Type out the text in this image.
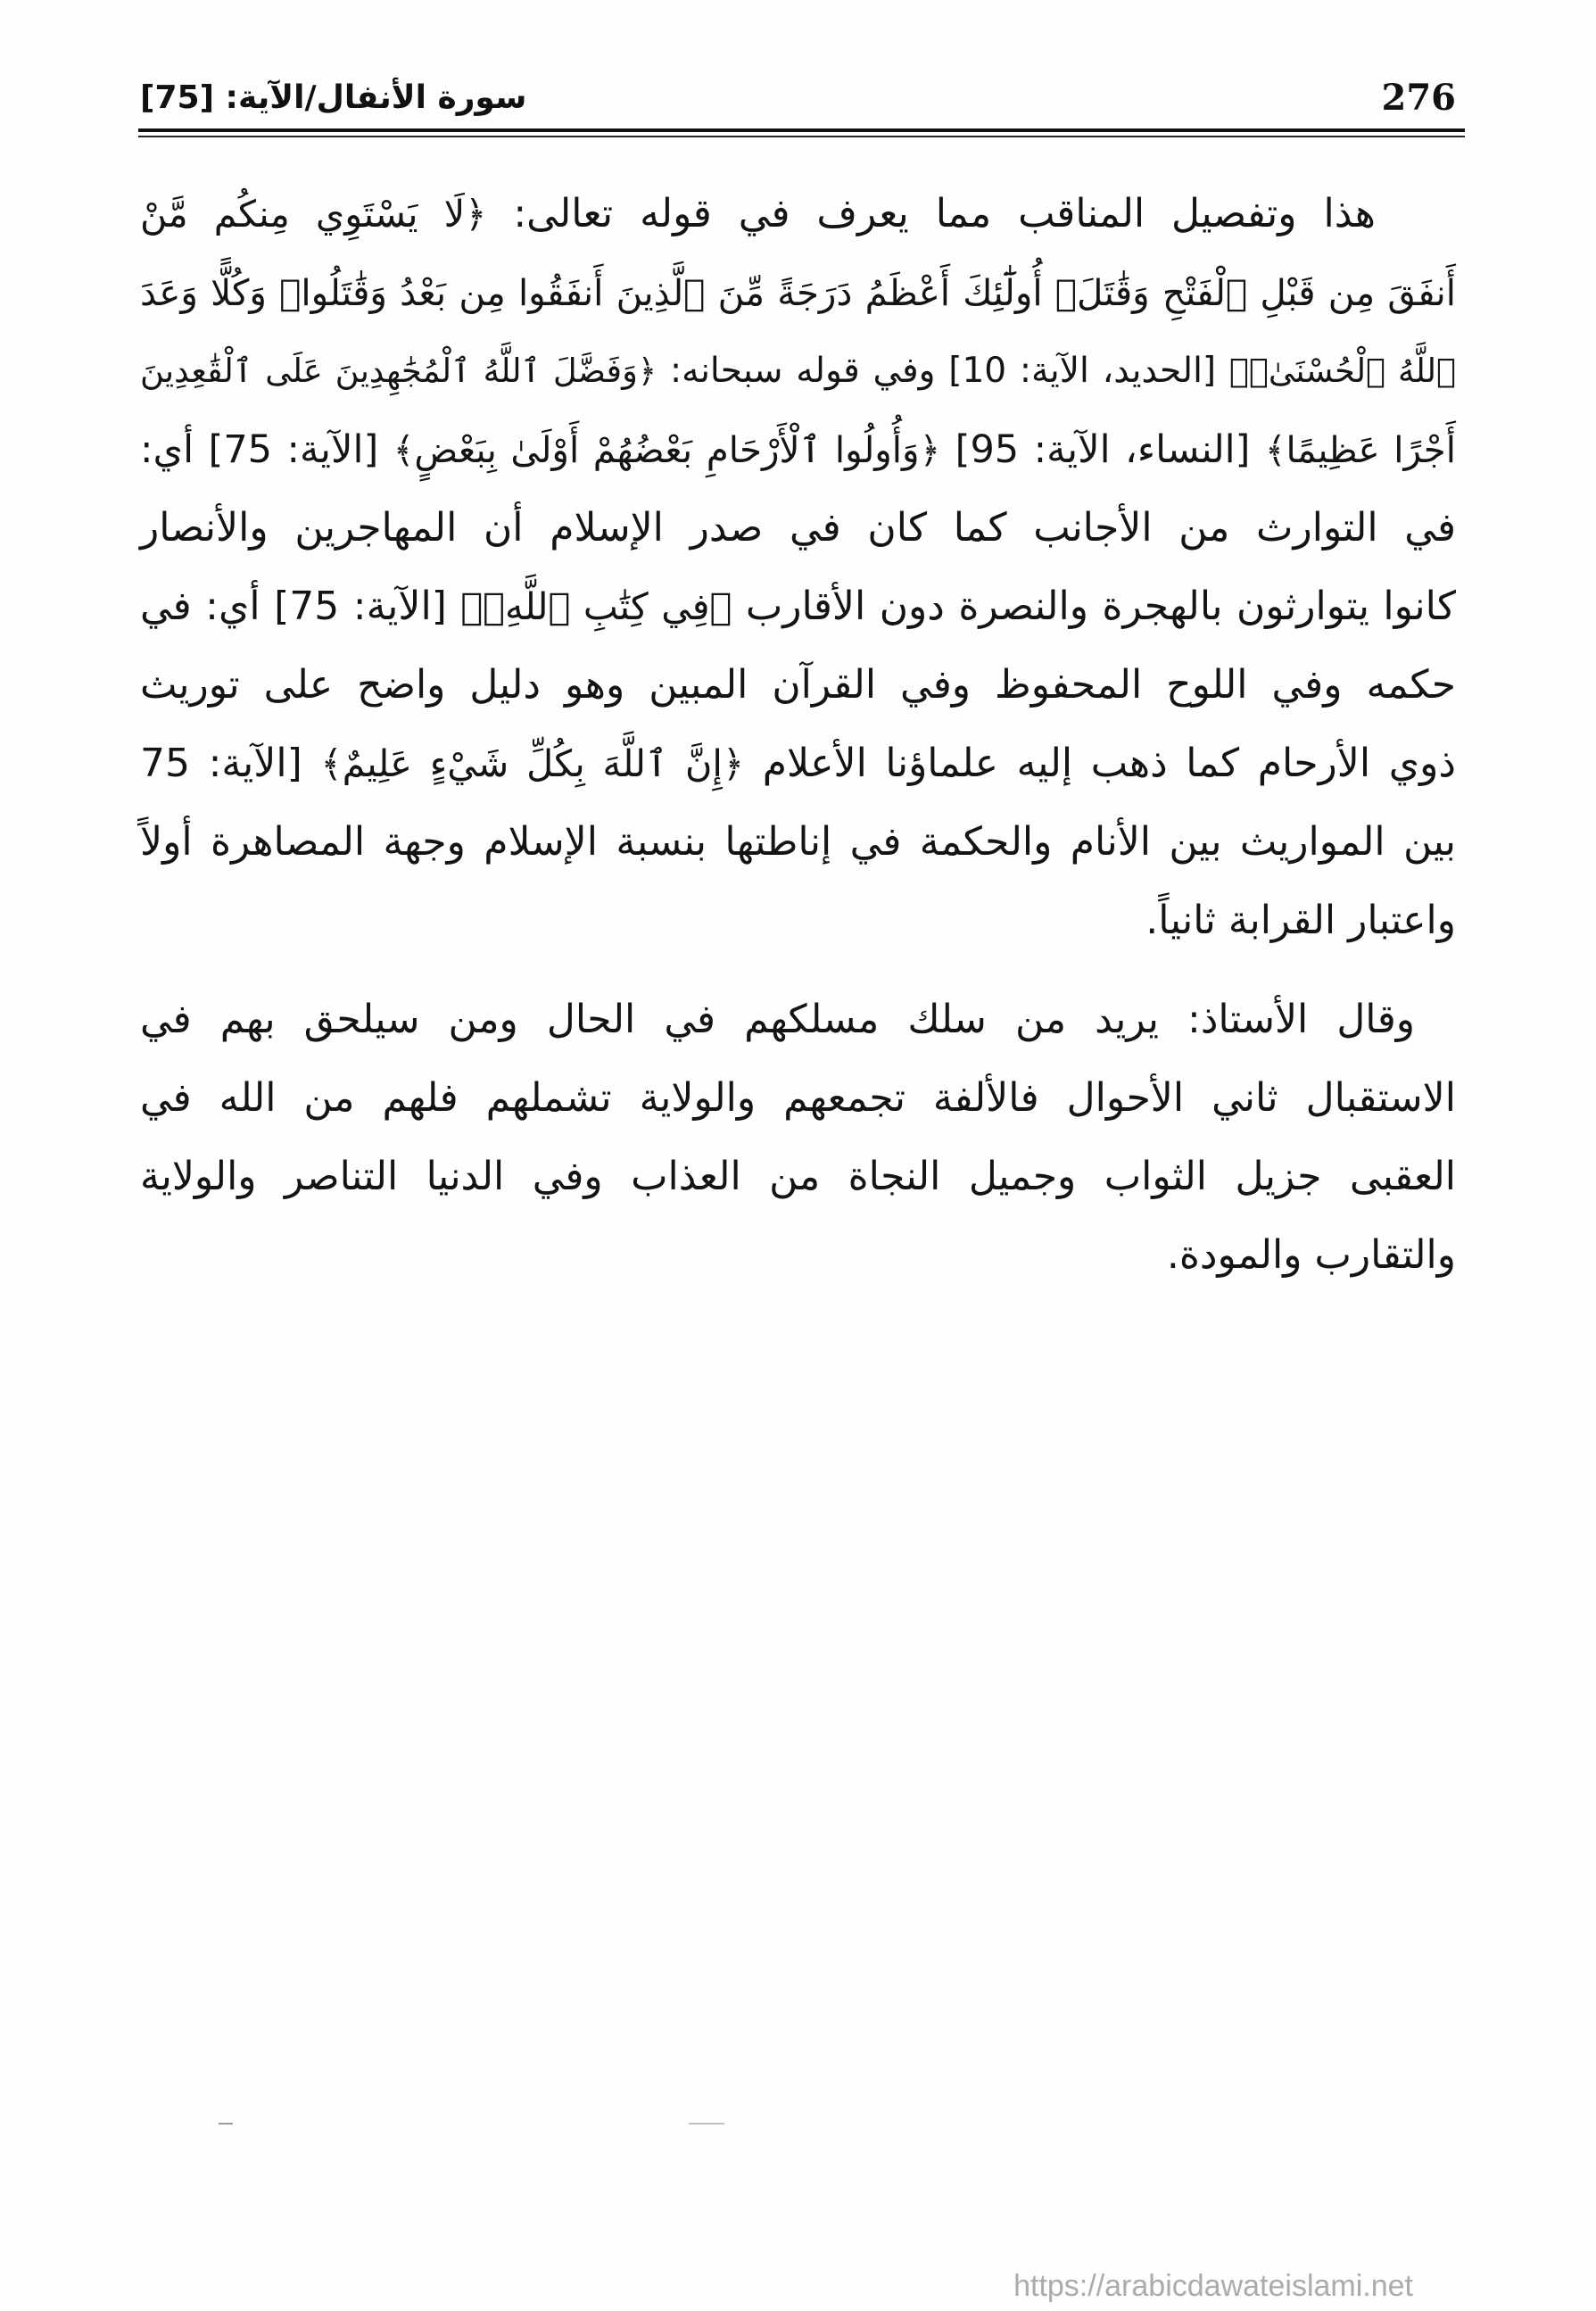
276
سورة الأنفال/الآية: [75]
هذا وتفصيل المناقب مما يعرف في قوله تعالى: ﴿لَا يَسْتَوِي مِنكُم مَّنْ
أَنفَقَ مِن قَبْلِ ٱلْفَتْحِ وَقَٰتَلَۚ أُولَٰٓئِكَ أَعْظَمُ دَرَجَةً مِّنَ ٱلَّذِينَ أَنفَقُوا مِن بَعْدُ وَقَٰتَلُواۚ وَكُلًّا وَعَدَ
ٱللَّهُ ٱلْحُسْنَىٰۚ﴾ [الحديد، الآية: 10] وفي قوله سبحانه: ﴿وَفَضَّلَ ٱللَّهُ ٱلْمُجَٰهِدِينَ عَلَى ٱلْقَٰعِدِينَ
أَجْرًا عَظِيمًا﴾ [النساء، الآية: 95] ﴿وَأُولُوا ٱلْأَرْحَامِ بَعْضُهُمْ أَوْلَىٰ بِبَعْضٍ﴾ [الآية: 75] أي:
في التوارث من الأجانب كما كان في صدر الإسلام أن المهاجرين والأنصار
كانوا يتوارثون بالهجرة والنصرة دون الأقارب ﴿فِي كِتَٰبِ ٱللَّهِۚ﴾ [الآية: 75] أي: في
حكمه وفي اللوح المحفوظ وفي القرآن المبين وهو دليل واضح على توريث
ذوي الأرحام كما ذهب إليه علماؤنا الأعلام ﴿إِنَّ ٱللَّهَ بِكُلِّ شَيْءٍ عَلِيمٌ﴾ [الآية: 75
بين المواريث بين الأنام والحكمة في إناطتها بنسبة الإسلام وجهة المصاهرة أولاً
واعتبار القرابة ثانياً.
وقال الأستاذ: يريد من سلك مسلكهم في الحال ومن سيلحق بهم في
الاستقبال ثاني الأحوال فالألفة تجمعهم والولاية تشملهم فلهم من الله في
العقبى جزيل الثواب وجميل النجاة من العذاب وفي الدنيا التناصر والولاية
والتقارب والمودة.
https://arabicdawateislami.net
